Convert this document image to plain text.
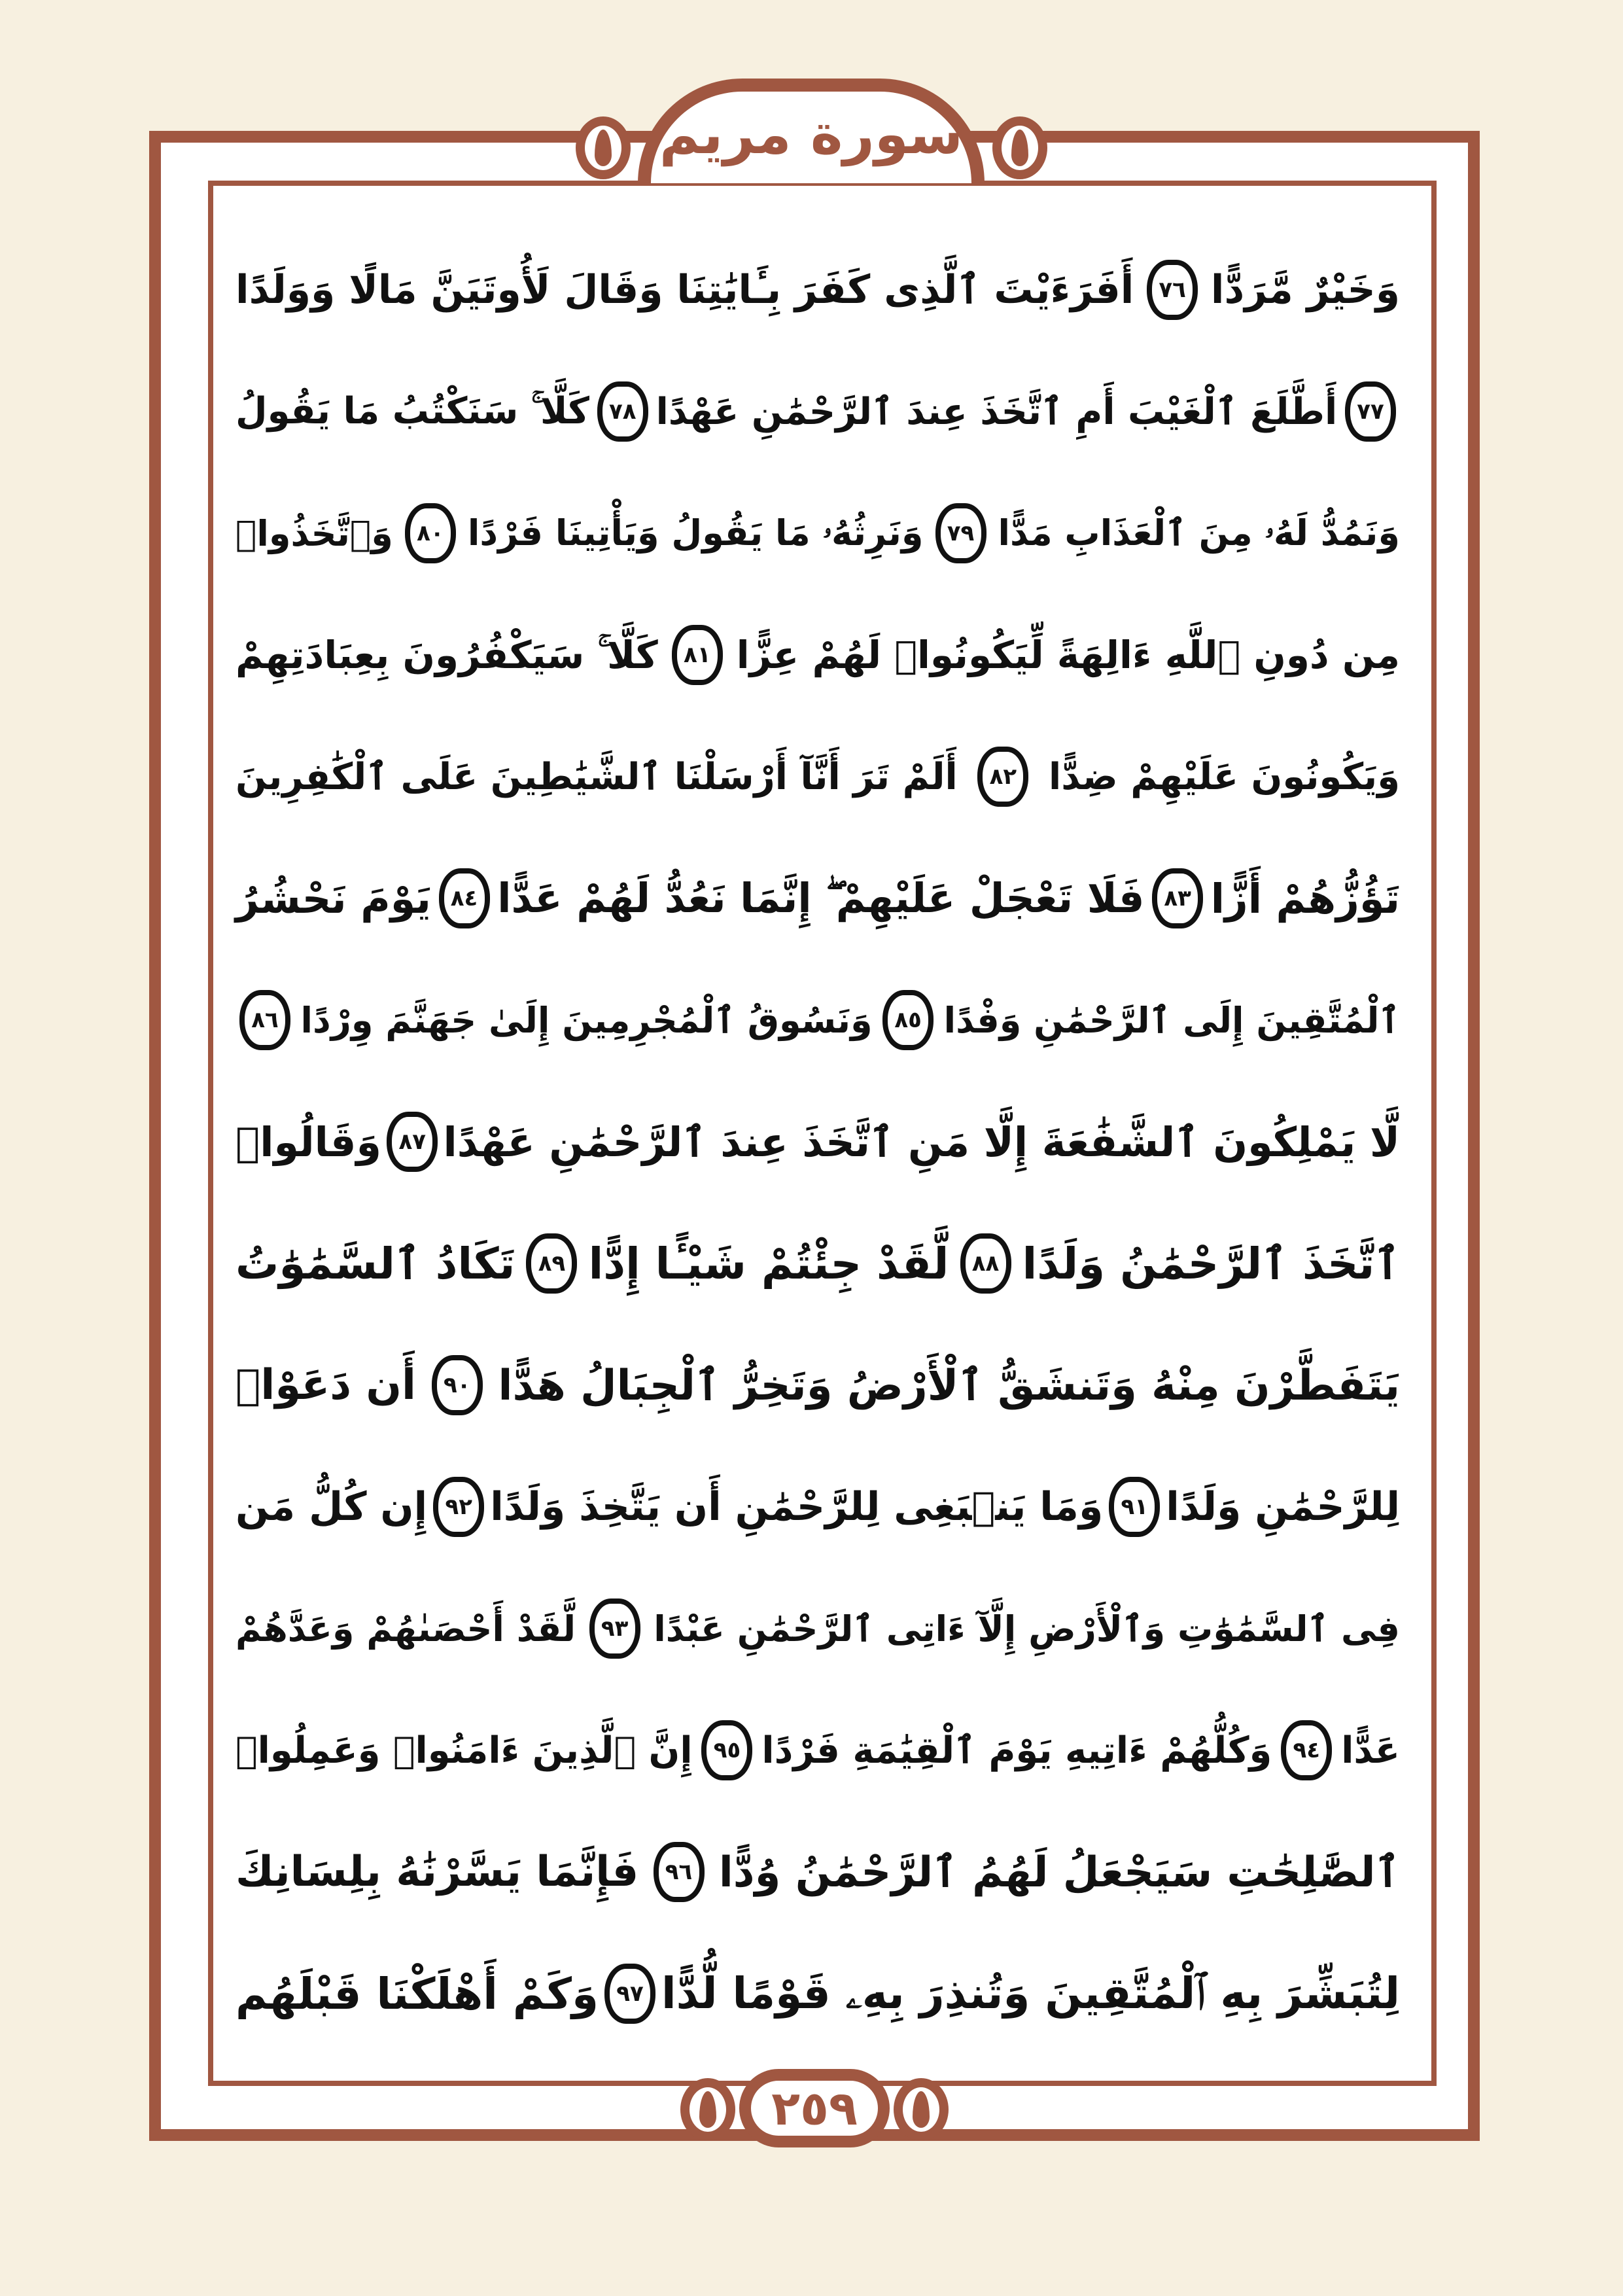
سورة مريم
وَخَيْرٌ مَّرَدًّا
٧٦
أَفَرَءَيْتَ ٱلَّذِى كَفَرَ بِـَٔايَٰتِنَا وَقَالَ لَأُوتَيَنَّ مَالًا وَوَلَدًا
٧٧
أَطَّلَعَ ٱلْغَيْبَ أَمِ ٱتَّخَذَ عِندَ ٱلرَّحْمَٰنِ عَهْدًا
٧٨
كَلَّا ۚ سَنَكْتُبُ مَا يَقُولُ
وَنَمُدُّ لَهُۥ مِنَ ٱلْعَذَابِ مَدًّا
٧٩
وَنَرِثُهُۥ مَا يَقُولُ وَيَأْتِينَا فَرْدًا
٨٠
وَٱتَّخَذُوا۟
مِن دُونِ ٱللَّهِ ءَالِهَةً لِّيَكُونُوا۟ لَهُمْ عِزًّا
٨١
كَلَّا ۚ سَيَكْفُرُونَ بِعِبَادَتِهِمْ
وَيَكُونُونَ عَلَيْهِمْ ضِدًّا
٨٢
أَلَمْ تَرَ أَنَّآ أَرْسَلْنَا ٱلشَّيَٰطِينَ عَلَى ٱلْكَٰفِرِينَ
تَؤُزُّهُمْ أَزًّا
٨٣
فَلَا تَعْجَلْ عَلَيْهِمْ ۖ إِنَّمَا نَعُدُّ لَهُمْ عَدًّا
٨٤
يَوْمَ نَحْشُرُ
ٱلْمُتَّقِينَ إِلَى ٱلرَّحْمَٰنِ وَفْدًا
٨٥
وَنَسُوقُ ٱلْمُجْرِمِينَ إِلَىٰ جَهَنَّمَ وِرْدًا
٨٦
لَّا يَمْلِكُونَ ٱلشَّفَٰعَةَ إِلَّا مَنِ ٱتَّخَذَ عِندَ ٱلرَّحْمَٰنِ عَهْدًا
٨٧
وَقَالُوا۟
ٱتَّخَذَ ٱلرَّحْمَٰنُ وَلَدًا
٨٨
لَّقَدْ جِئْتُمْ شَيْـًٔا إِدًّا
٨٩
تَكَادُ ٱلسَّمَٰوَٰتُ
يَتَفَطَّرْنَ مِنْهُ وَتَنشَقُّ ٱلْأَرْضُ وَتَخِرُّ ٱلْجِبَالُ هَدًّا
٩٠
أَن دَعَوْا۟
لِلرَّحْمَٰنِ وَلَدًا
٩١
وَمَا يَنۢبَغِى لِلرَّحْمَٰنِ أَن يَتَّخِذَ وَلَدًا
٩٢
إِن كُلُّ مَن
فِى ٱلسَّمَٰوَٰتِ وَٱلْأَرْضِ إِلَّآ ءَاتِى ٱلرَّحْمَٰنِ عَبْدًا
٩٣
لَّقَدْ أَحْصَىٰهُمْ وَعَدَّهُمْ
عَدًّا
٩٤
وَكُلُّهُمْ ءَاتِيهِ يَوْمَ ٱلْقِيَٰمَةِ فَرْدًا
٩٥
إِنَّ ٱلَّذِينَ ءَامَنُوا۟ وَعَمِلُوا۟
ٱلصَّٰلِحَٰتِ سَيَجْعَلُ لَهُمُ ٱلرَّحْمَٰنُ وُدًّا
٩٦
فَإِنَّمَا يَسَّرْنَٰهُ بِلِسَانِكَ
لِتُبَشِّرَ بِهِ ٱلْمُتَّقِينَ وَتُنذِرَ بِهِۦ قَوْمًا لُّدًّا
٩٧
وَكَمْ أَهْلَكْنَا قَبْلَهُم
٢٥٩
